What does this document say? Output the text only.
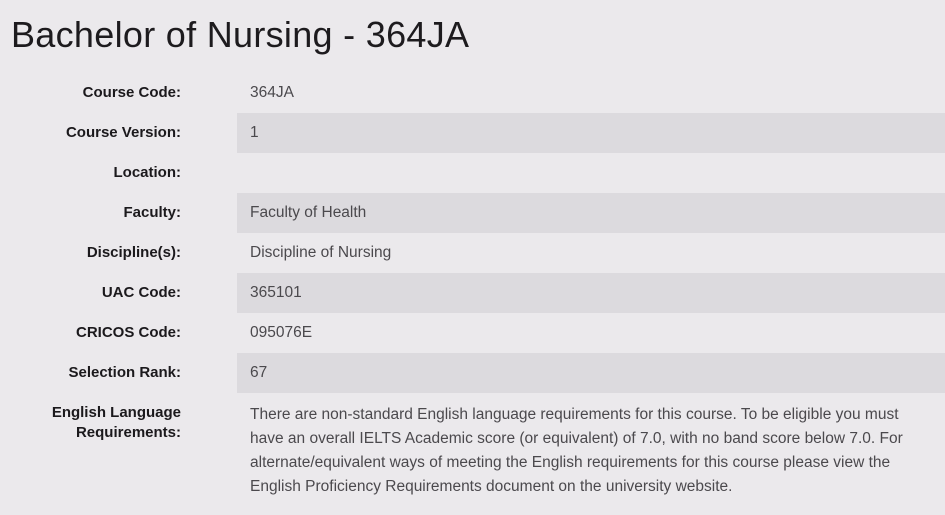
Bachelor of Nursing - 364JA
Course Code:	364JA
Course Version:	1
Location:
Faculty:	Faculty of Health
Discipline(s):	Discipline of Nursing
UAC Code:	365101
CRICOS Code:	095076E
Selection Rank:	67
English Language Requirements:
There are non-standard English language requirements for this course. To be eligible you must have an overall IELTS Academic score (or equivalent) of 7.0, with no band score below 7.0. For alternate/equivalent ways of meeting the English requirements for this course please view the English Proficiency Requirements document on the university website.
